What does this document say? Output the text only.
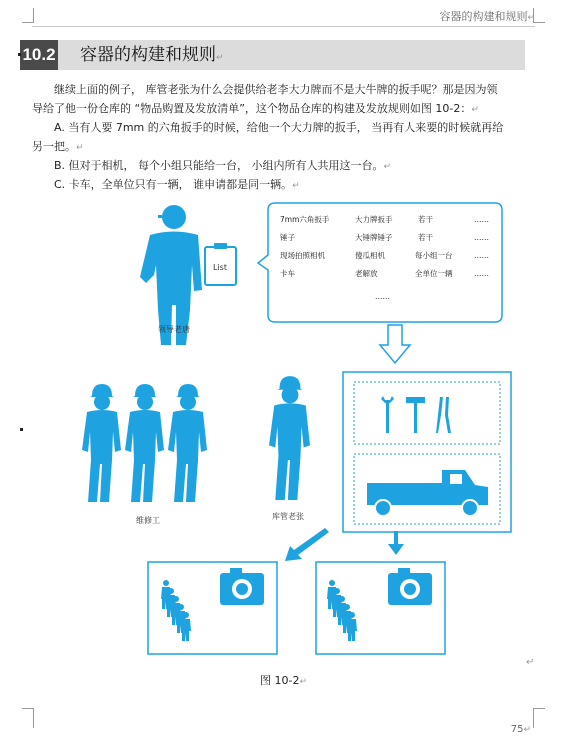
容器的构建和规则↵
10.2 容器的构建和规则↵
继续上面的例子， 库管老张为什么会提供给老李大力牌而不是大牛牌的扳手呢？那是因为领
导给了他一份仓库的 “物品购置及发放清单”，这个物品仓库的构建及发放规则如图 10-2：↵
A. 当有人要 7mm 的六角扳手的时候，给他一个大力牌的扳手， 当再有人来要的时候就再给
另一把。↵
B. 但对于相机， 每个小组只能给一台， 小组内所有人共用这一台。↵
C. 卡车，全单位只有一辆， 谁申请都是同一辆。↵
领导老唐
List
7mm六角扳手	大力牌扳手	若干	……
锤子	大锤牌锤子	若干	……
现场拍照相机	傻瓜相机	每小组一台	……
卡车	老解放	全单位一辆	……
……
维修工	库管老张
↵
图 10-2↵
75↵
